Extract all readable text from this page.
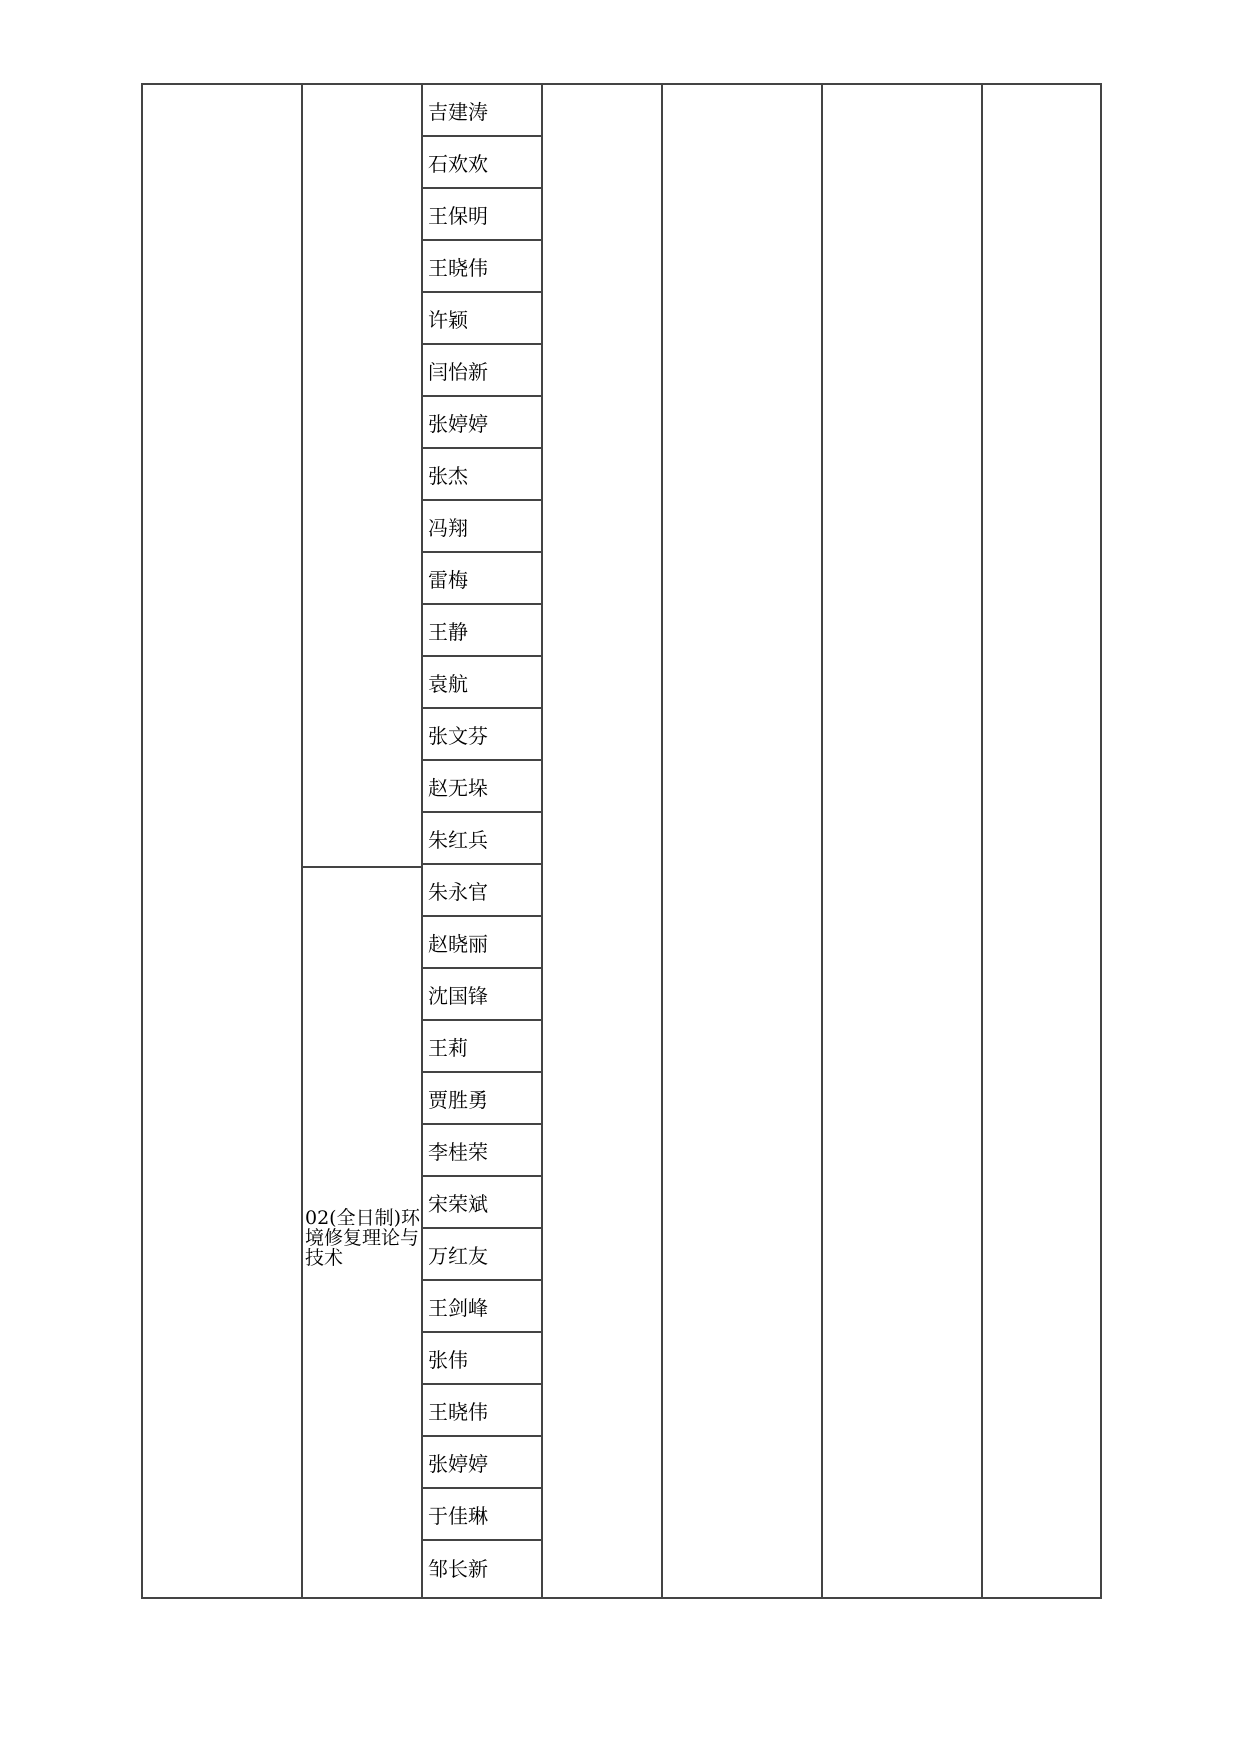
吉建涛
石欢欢
王保明
王晓伟
许颖
闫怡新
张婷婷
张杰
冯翔
雷梅
王静
袁航
张文芬
赵无垛
朱红兵
朱永官
赵晓丽
沈国锋
王莉
贾胜勇
李桂荣
宋荣斌
万红友
王剑峰
张伟
王晓伟
张婷婷
于佳琳
邹长新
02(全日制)环境修复理论与技术
